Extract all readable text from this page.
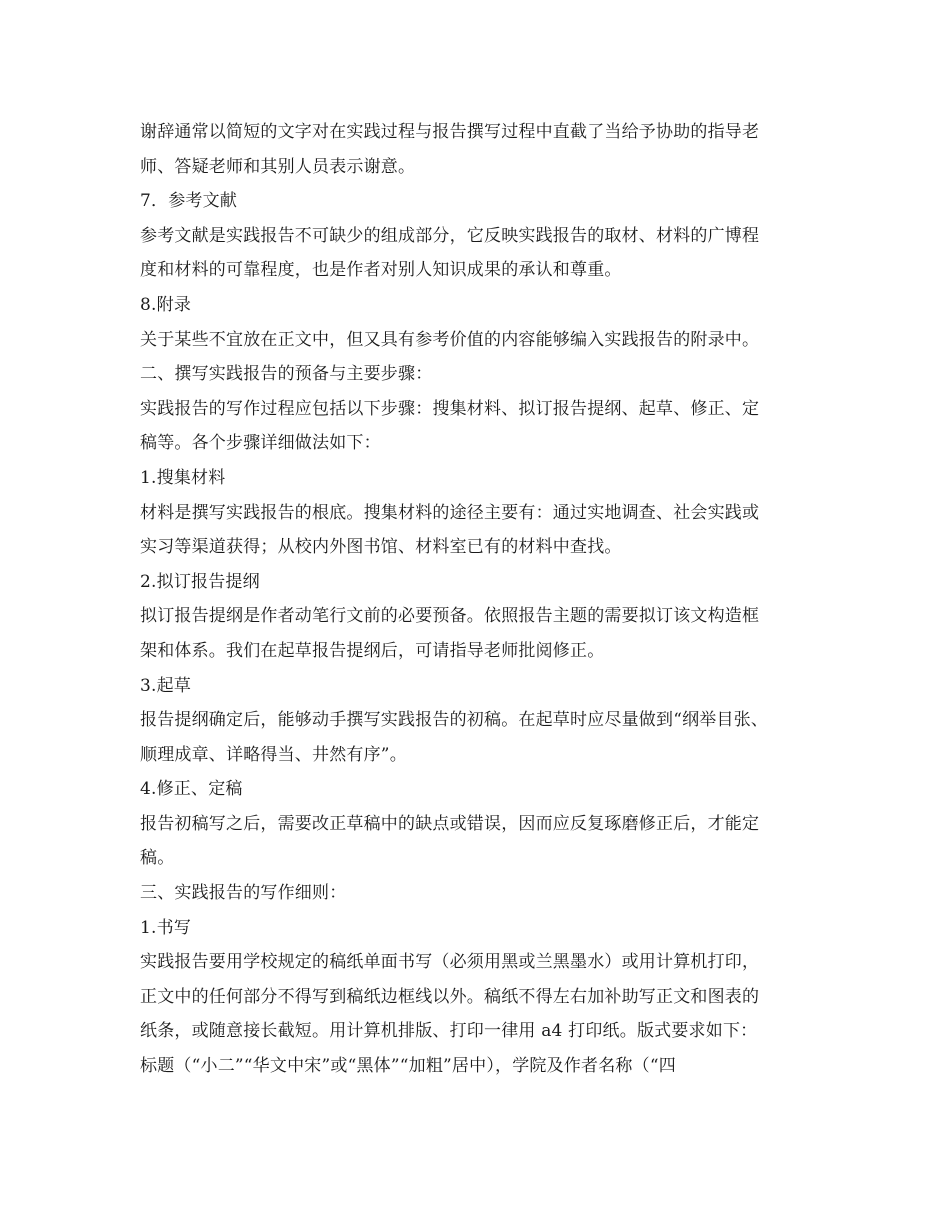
谢辞通常以简短的文字对在实践过程与报告撰写过程中直截了当给予协助的指导老
师、答疑老师和其别人员表示谢意。
7．参考文献
参考文献是实践报告不可缺少的组成部分，它反映实践报告的取材、材料的广博程
度和材料的可靠程度，也是作者对别人知识成果的承认和尊重。
8.附录
关于某些不宜放在正文中，但又具有参考价值的内容能够编入实践报告的附录中。
二、撰写实践报告的预备与主要步骤：
实践报告的写作过程应包括以下步骤：搜集材料、拟订报告提纲、起草、修正、定
稿等。各个步骤详细做法如下：
1.搜集材料
材料是撰写实践报告的根底。搜集材料的途径主要有：通过实地调查、社会实践或
实习等渠道获得；从校内外图书馆、材料室已有的材料中查找。
2.拟订报告提纲
拟订报告提纲是作者动笔行文前的必要预备。依照报告主题的需要拟订该文构造框
架和体系。我们在起草报告提纲后，可请指导老师批阅修正。
3.起草
报告提纲确定后，能够动手撰写实践报告的初稿。在起草时应尽量做到“纲举目张、
顺理成章、详略得当、井然有序”。
4.修正、定稿
报告初稿写之后，需要改正草稿中的缺点或错误，因而应反复琢磨修正后，才能定
稿。
三、实践报告的写作细则：
1.书写
实践报告要用学校规定的稿纸单面书写（必须用黑或兰黑墨水）或用计算机打印，
正文中的任何部分不得写到稿纸边框线以外。稿纸不得左右加补助写正文和图表的
纸条，或随意接长截短。用计算机排版、打印一律用 a4 打印纸。版式要求如下：
标题（“小二”“华文中宋”或“黑体”“加粗”居中），学院及作者名称（“四
